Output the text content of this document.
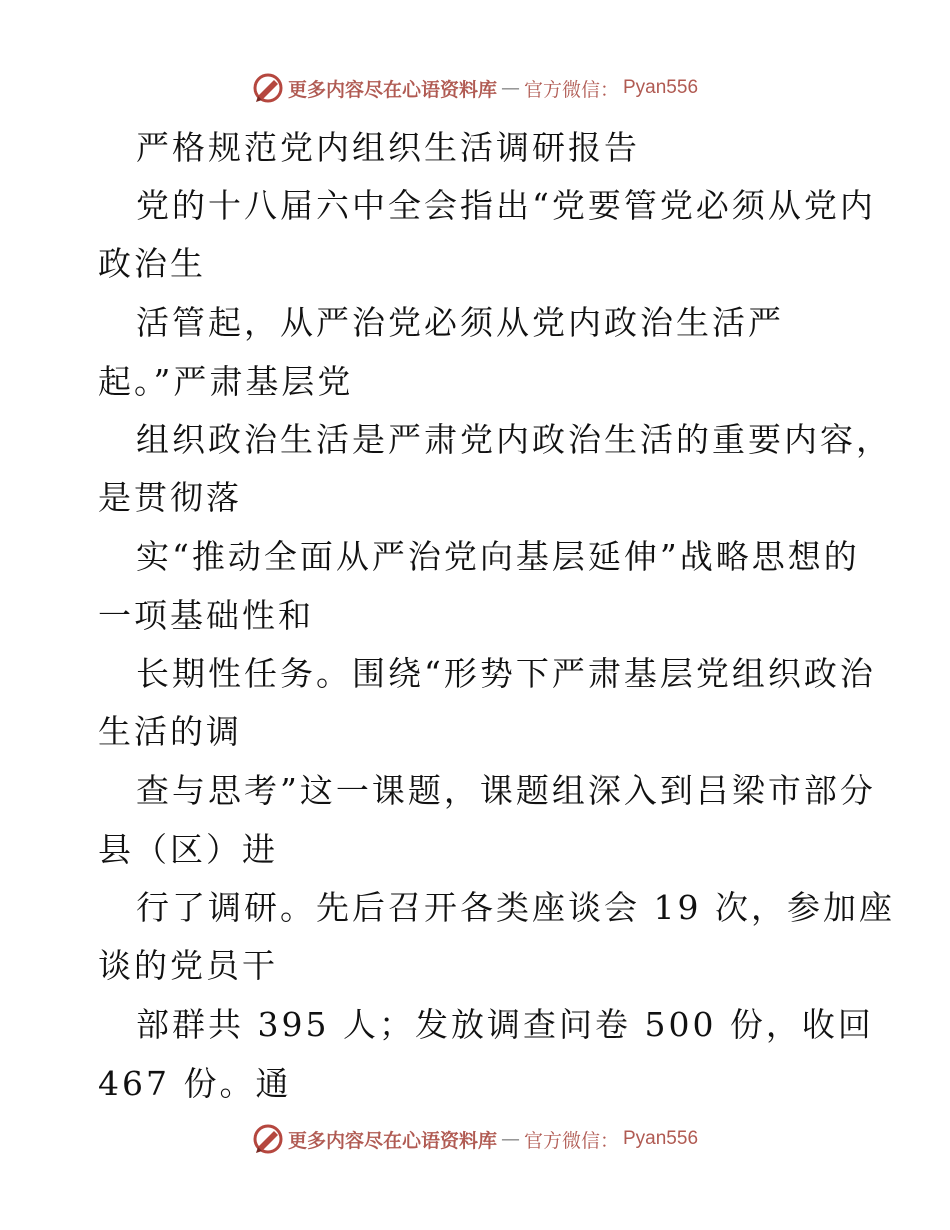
更多内容尽在心语资料库 — 官方微信： Pyan556
严格规范党内组织生活调研报告
党的十八届六中全会指出“党要管党必须从党内
政治生
活管起，从严治党必须从党内政治生活严
起。”严肃基层党
组织政治生活是严肃党内政治生活的重要内容，
是贯彻落
实“推动全面从严治党向基层延伸”战略思想的
一项基础性和
长期性任务。围绕“形势下严肃基层党组织政治
生活的调
查与思考”这一课题，课题组深入到吕梁市部分
县（区）进
行了调研。先后召开各类座谈会 19 次，参加座
谈的党员干
部群共 395 人；发放调查问卷 500 份，收回
467 份。通
更多内容尽在心语资料库 — 官方微信： Pyan556
